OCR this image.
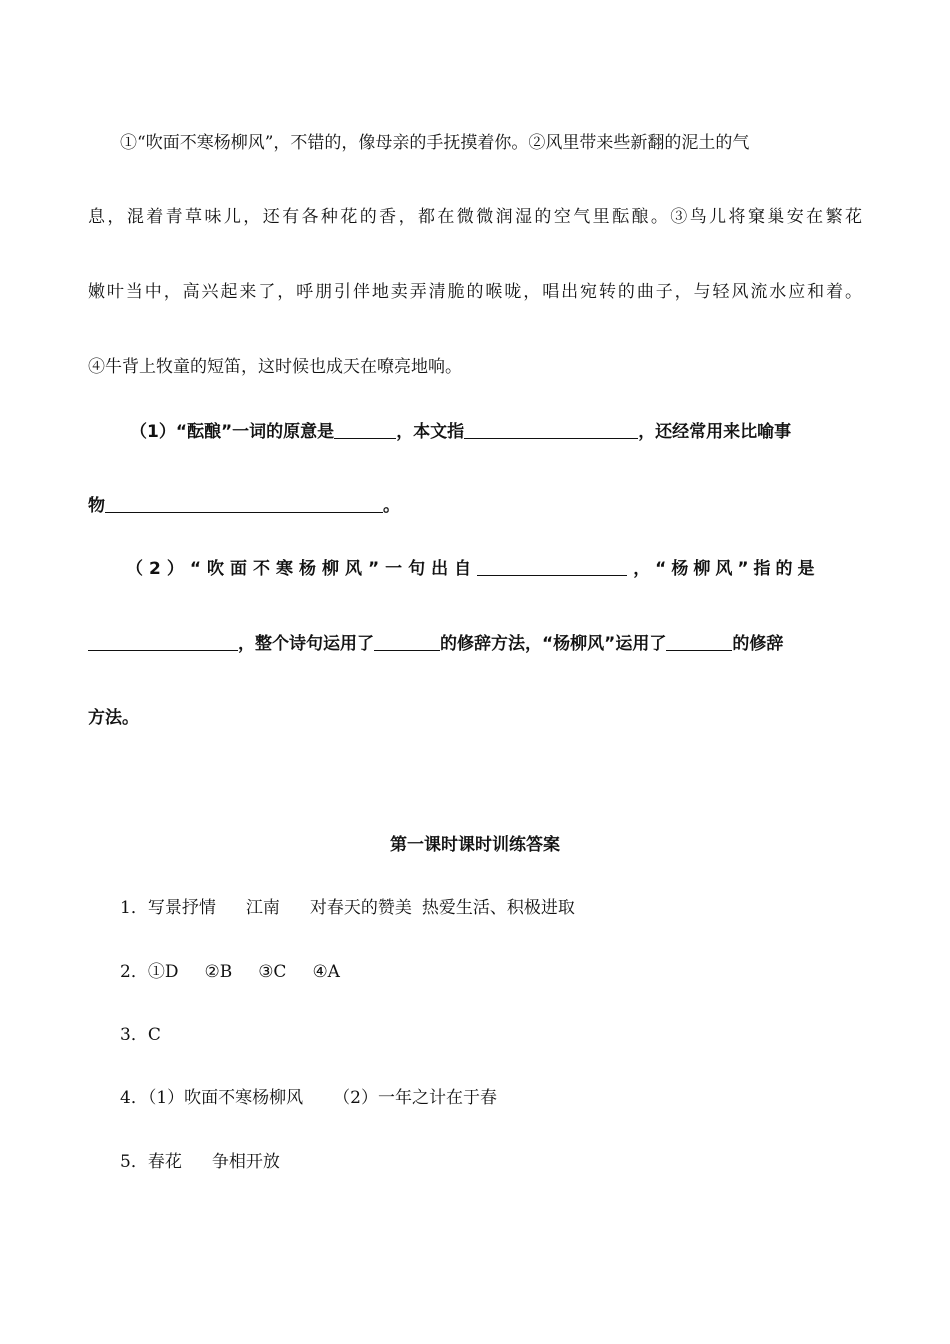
①“吹面不寒杨柳风”，不错的，像母亲的手抚摸着你。②风里带来些新翻的泥土的气
息，混着青草味儿，还有各种花的香，都在微微润湿的空气里酝酿。③鸟儿将窠巢安在繁花
嫩叶当中，高兴起来了，呼朋引伴地卖弄清脆的喉咙，唱出宛转的曲子，与轻风流水应和着。
④牛背上牧童的短笛，这时候也成天在嘹亮地响。
（1）“酝酿”一词的原意是	，本文指	，还经常用来比喻事
物	。
（2）“吹面不寒杨柳风”一句出自	，“杨柳风”指的是
，整个诗句运用了	的修辞方法，“杨柳风”运用了	的修辞
方法。
第一课时课时训练答案
1．写景抒情 江南 对春天的赞美 热爱生活、积极进取
2．①D ②B ③C ④A
3．C
4．（1）吹面不寒杨柳风 （2）一年之计在于春
5．春花 争相开放
